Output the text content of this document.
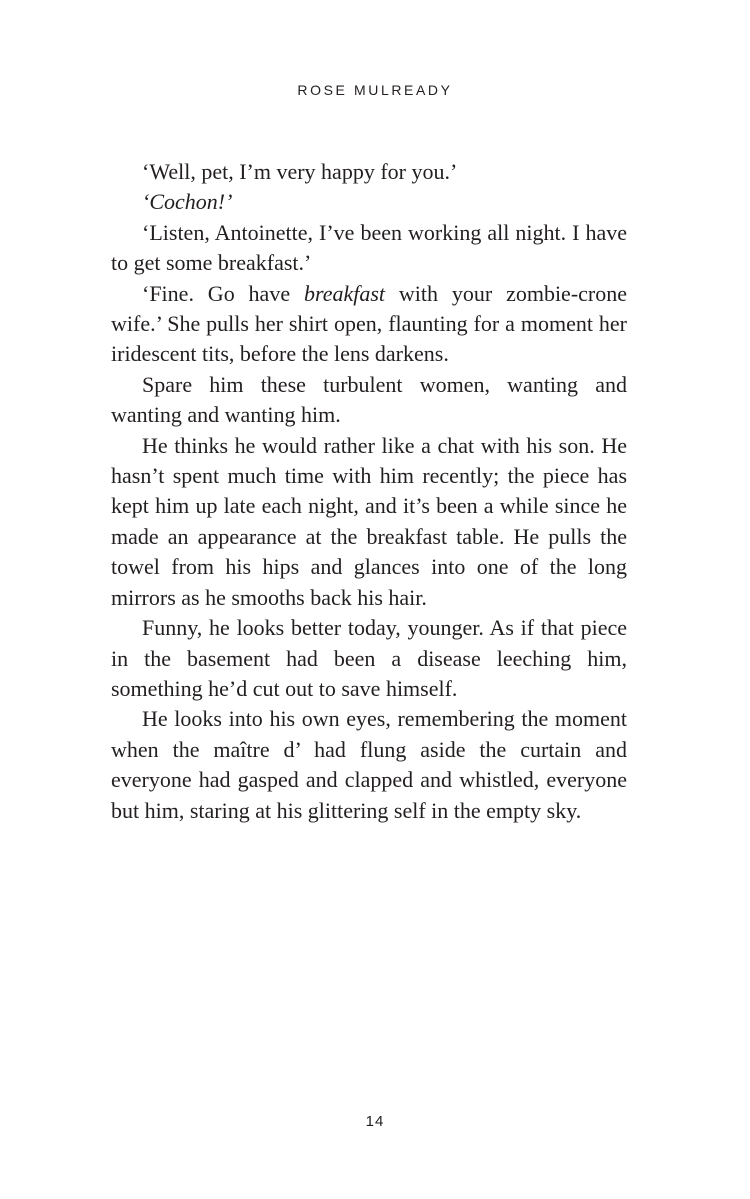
ROSE MULREADY

‘Well, pet, I’m very happy for you.’

‘Cochon!’

‘Listen, Antoinette, I’ve been working all night. I have to get some breakfast.’

‘Fine. Go have breakfast with your zombie-crone wife.’ She pulls her shirt open, flaunting for a moment her iridescent tits, before the lens darkens.

Spare him these turbulent women, wanting and wanting and wanting him.

He thinks he would rather like a chat with his son. He hasn’t spent much time with him recently; the piece has kept him up late each night, and it’s been a while since he made an appearance at the breakfast table. He pulls the towel from his hips and glances into one of the long mirrors as he smooths back his hair.

Funny, he looks better today, younger. As if that piece in the basement had been a disease leeching him, something he’d cut out to save himself.

He looks into his own eyes, remembering the moment when the maître d’ had flung aside the curtain and everyone had gasped and clapped and whistled, everyone but him, staring at his glittering self in the empty sky.

14
